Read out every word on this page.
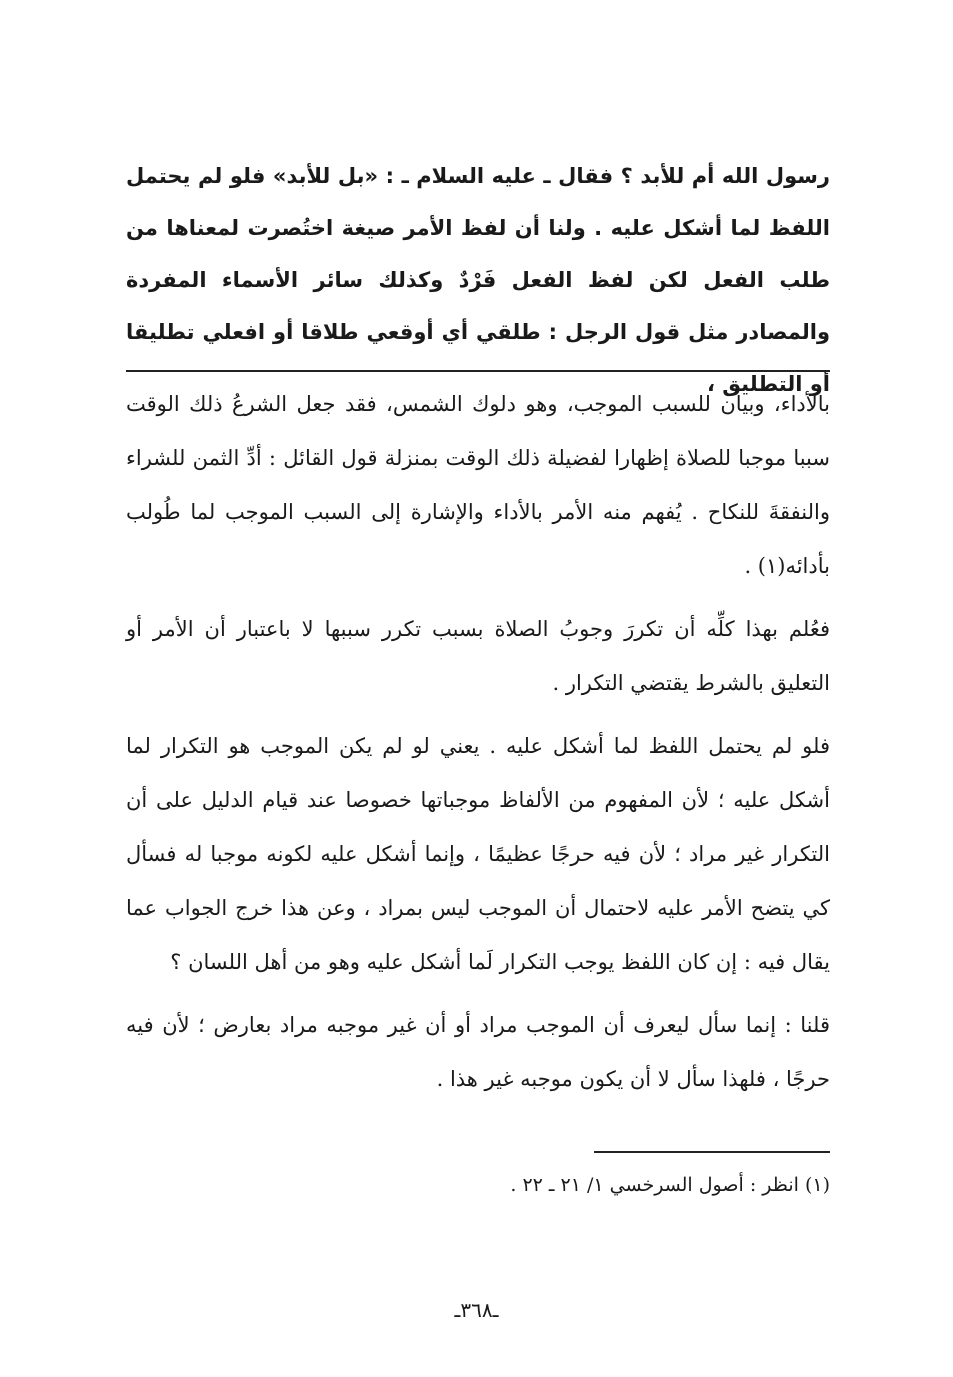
رسول الله أم للأبد ؟ فقال ـ عليه السلام ـ : «بل للأبد» فلو لم يحتمل اللفظ لما أشكل عليه . ولنا أن لفظ الأمر صيغة اختُصرت لمعناها من طلب الفعل لكن لفظ الفعل فَرْدٌ وكذلك سائر الأسماء المفردة والمصادر مثل قول الرجل : طلقي أي أوقعي طلاقا أو افعلي تطليقا أو التطليق ،

بالأداء، وبيان للسبب الموجب، وهو دلوك الشمس، فقد جعل الشرعُ ذلك الوقت سببا موجبا للصلاة إظهارا لفضيلة ذلك الوقت بمنزلة قول القائل : أدِّ الثمن للشراء والنفقةَ للنكاح . يُفهم منه الأمر بالأداء والإشارة إلى السبب الموجب لما طُولب بأدائه(١) .

فعُلم بهذا كلِّه أن تكررَ وجوبُ الصلاة بسبب تكرر سببها لا باعتبار أن الأمر أو التعليق بالشرط يقتضي التكرار .

فلو لم يحتمل اللفظ لما أشكل عليه . يعني لو لم يكن الموجب هو التكرار لما أشكل عليه ؛ لأن المفهوم من الألفاظ موجباتها خصوصا عند قيام الدليل على أن التكرار غير مراد ؛ لأن فيه حرجًا عظيمًا ، وإنما أشكل عليه لكونه موجبا له فسأل كي يتضح الأمر عليه لاحتمال أن الموجب ليس بمراد ، وعن هذا خرج الجواب عما يقال فيه : إن كان اللفظ يوجب التكرار لَما أشكل عليه وهو من أهل اللسان ؟

قلنا : إنما سأل ليعرف أن الموجب مراد أو أن غير موجبه مراد بعارض ؛ لأن فيه حرجًا ، فلهذا سأل لا أن يكون موجبه غير هذا .

(١) انظر : أصول السرخسي ١/ ٢١ ـ ٢٢ .
ـ٣٦٨ـ
